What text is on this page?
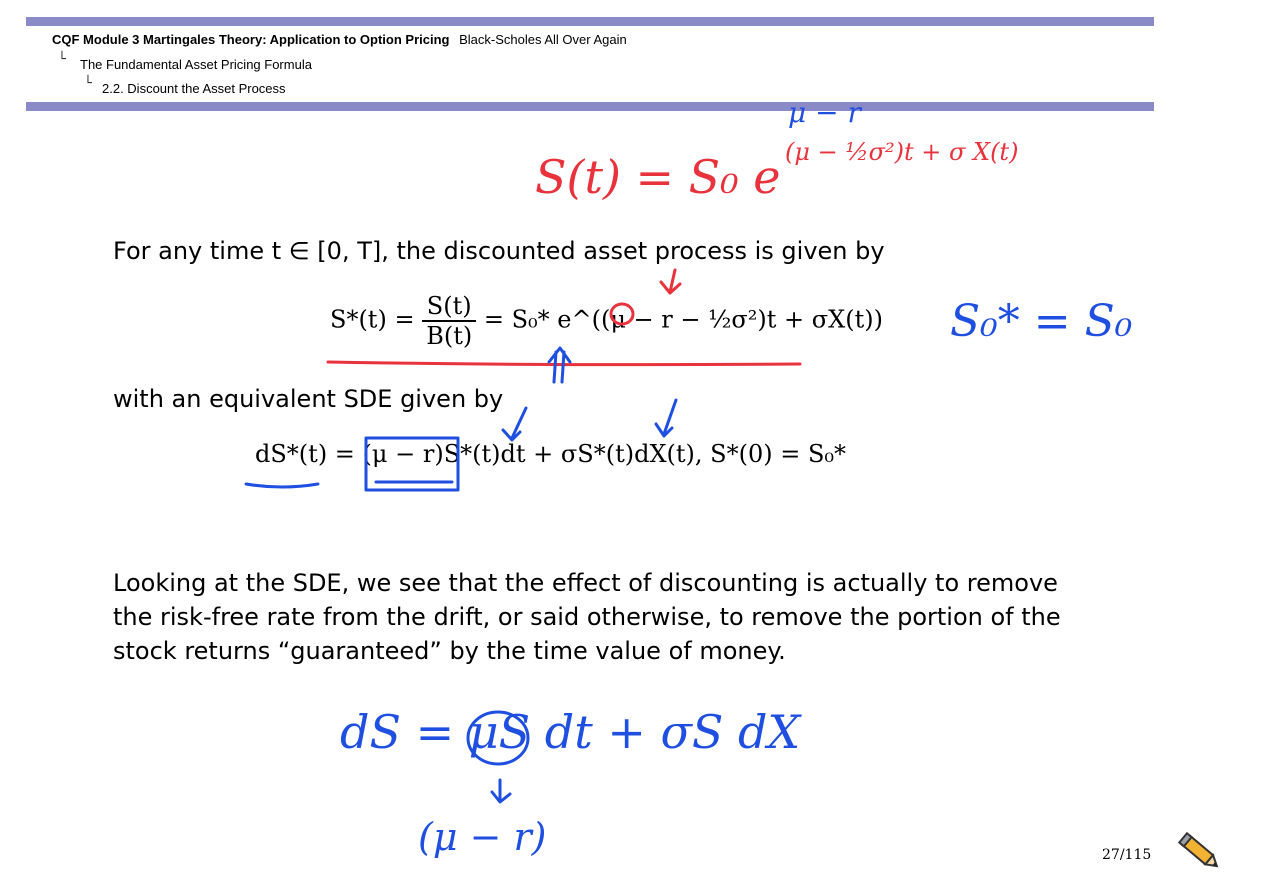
CQF Module 3 Martingales Theory: Application to Option Pricing Black-Scholes All Over Again
└ The Fundamental Asset Pricing Formula
└ 2.2. Discount the Asset Process
For any time t ∈ [0, T], the discounted asset process is given by
$S*(t) = \frac{S(t)}{B(t)} = S_0*$ e^((μ − r − ½σ²)t + σX(t))
with an equivalent SDE given by
dS*(t) = (μ − r)S*(t)dt + σS*(t)dX(t), S*(0) = S₀*
Looking at the SDE, we see that the effect of discounting is actually to remove
the risk-free rate from the drift, or said otherwise, to remove the portion of the
stock returns “guaranteed” by the time value of money.
S(t) = S₀ e (μ − ½σ²)t + σ X(t)
μ − r
S₀* = S₀
dS = μS dt + σS dX
(μ − r)	27/115
